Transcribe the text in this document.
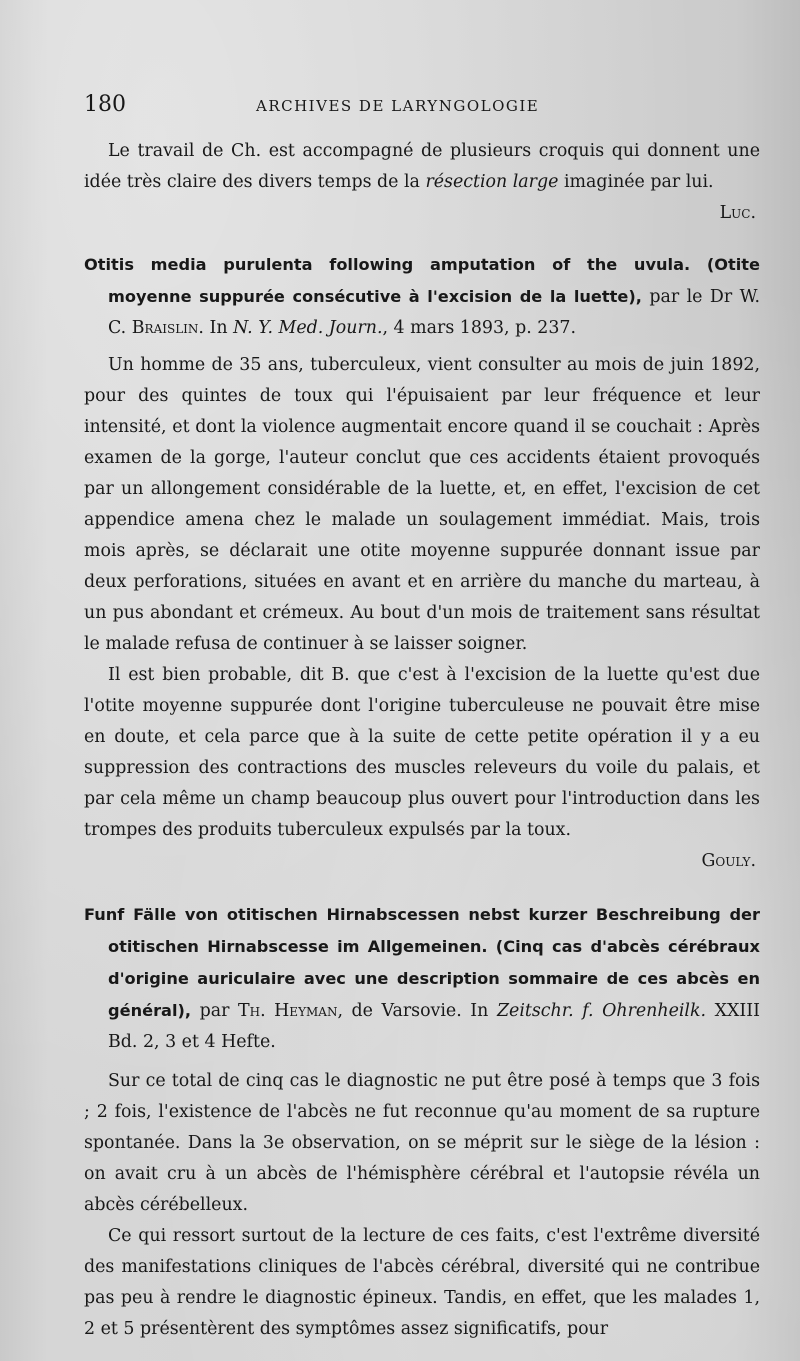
180	ARCHIVES DE LARYNGOLOGIE

Le travail de Ch. est accompagné de plusieurs croquis qui donnent une idée très claire des divers temps de la résection large imaginée par lui.

Luc.

Otitis media purulenta following amputation of the uvula. (Otite moyenne suppurée consécutive à l'excision de la luette), par le Dr W. C. Braislin. In N. Y. Med. Journ., 4 mars 1893, p. 237.

Un homme de 35 ans, tuberculeux, vient consulter au mois de juin 1892, pour des quintes de toux qui l'épuisaient par leur fréquence et leur intensité, et dont la violence augmentait encore quand il se couchait : Après examen de la gorge, l'auteur conclut que ces accidents étaient provoqués par un allongement considérable de la luette, et, en effet, l'excision de cet appendice amena chez le malade un soulagement immédiat. Mais, trois mois après, se déclarait une otite moyenne suppurée donnant issue par deux perforations, situées en avant et en arrière du manche du marteau, à un pus abondant et crémeux. Au bout d'un mois de traitement sans résultat le malade refusa de continuer à se laisser soigner.

Il est bien probable, dit B. que c'est à l'excision de la luette qu'est due l'otite moyenne suppurée dont l'origine tuberculeuse ne pouvait être mise en doute, et cela parce que à la suite de cette petite opération il y a eu suppression des contractions des muscles releveurs du voile du palais, et par cela même un champ beaucoup plus ouvert pour l'introduction dans les trompes des produits tuberculeux expulsés par la toux.

Gouly.

Funf Fälle von otitischen Hirnabscessen nebst kurzer Beschreibung der otitischen Hirnabscesse im Allgemeinen. (Cinq cas d'abcès cérébraux d'origine auriculaire avec une description sommaire de ces abcès en général), par Th. Heyman, de Varsovie. In Zeitschr. f. Ohrenheilk. XXIII Bd. 2, 3 et 4 Hefte.

Sur ce total de cinq cas le diagnostic ne put être posé à temps que 3 fois ; 2 fois, l'existence de l'abcès ne fut reconnue qu'au moment de sa rupture spontanée. Dans la 3e observation, on se méprit sur le siège de la lésion : on avait cru à un abcès de l'hémisphère cérébral et l'autopsie révéla un abcès cérébelleux.

Ce qui ressort surtout de la lecture de ces faits, c'est l'extrême diversité des manifestations cliniques de l'abcès cérébral, diversité qui ne contribue pas peu à rendre le diagnostic épineux. Tandis, en effet, que les malades 1, 2 et 5 présentèrent des symptômes assez significatifs, pour
